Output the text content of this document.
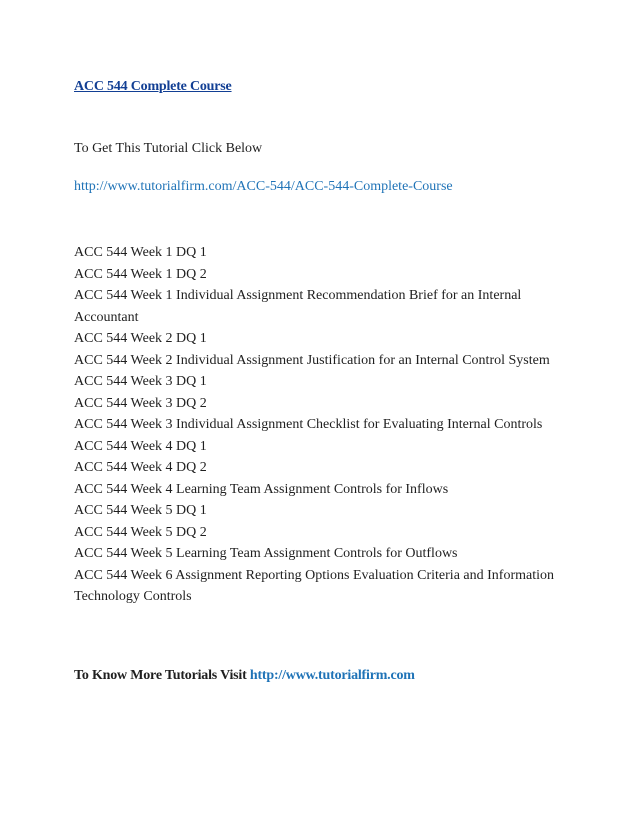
ACC 544 Complete Course
To Get This Tutorial Click Below
http://www.tutorialfirm.com/ACC-544/ACC-544-Complete-Course
ACC 544 Week 1 DQ 1
ACC 544 Week 1 DQ 2
ACC 544 Week 1 Individual Assignment Recommendation Brief for an Internal Accountant
ACC 544 Week 2 DQ 1
ACC 544 Week 2 Individual Assignment Justification for an Internal Control System
ACC 544 Week 3 DQ 1
ACC 544 Week 3 DQ 2
ACC 544 Week 3 Individual Assignment Checklist for Evaluating Internal Controls
ACC 544 Week 4 DQ 1
ACC 544 Week 4 DQ 2
ACC 544 Week 4 Learning Team Assignment Controls for Inflows
ACC 544 Week 5 DQ 1
ACC 544 Week 5 DQ 2
ACC 544 Week 5 Learning Team Assignment Controls for Outflows
ACC 544 Week 6 Assignment Reporting Options Evaluation Criteria and Information Technology Controls
To Know More Tutorials Visit http://www.tutorialfirm.com
